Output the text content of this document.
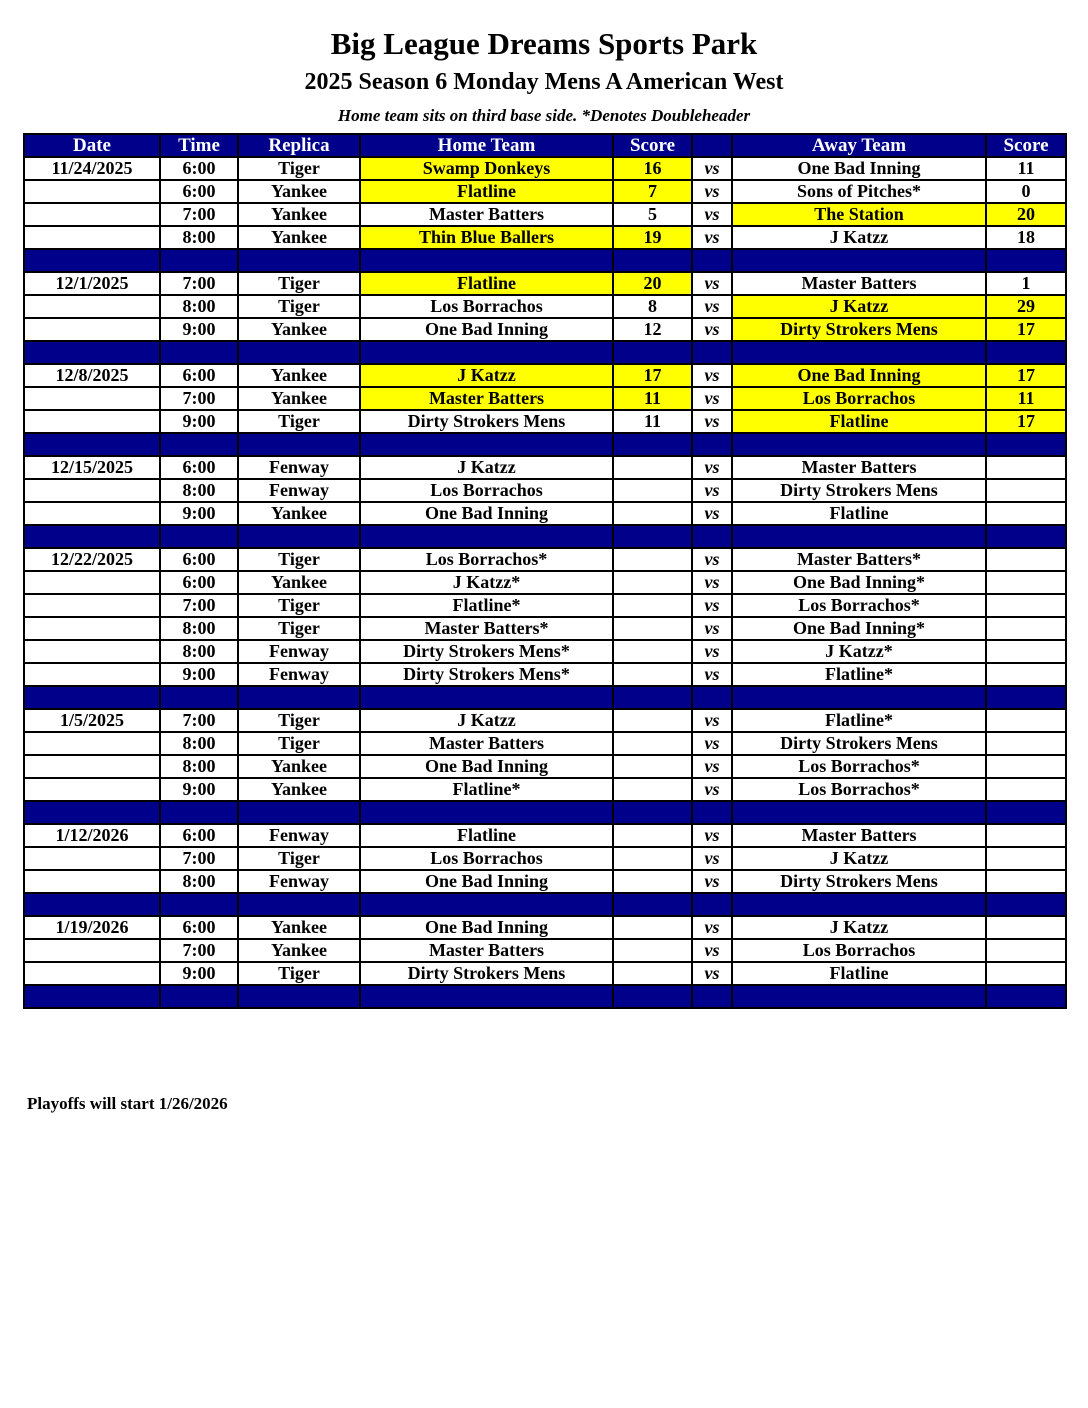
Big League Dreams Sports Park
2025 Season 6 Monday Mens A American West
Home team sits on third base side. *Denotes Doubleheader
Date	Time	Replica	Home Team	Score		Away Team	Score
11/24/2025	6:00	Tiger	Swamp Donkeys	16	vs	One Bad Inning	11
	6:00	Yankee	Flatline	7	vs	Sons of Pitches*	0
	7:00	Yankee	Master Batters	5	vs	The Station	20
	8:00	Yankee	Thin Blue Ballers	19	vs	J Katzz	18

12/1/2025	7:00	Tiger	Flatline	20	vs	Master Batters	1
	8:00	Tiger	Los Borrachos	8	vs	J Katzz	29
	9:00	Yankee	One Bad Inning	12	vs	Dirty Strokers Mens	17

12/8/2025	6:00	Yankee	J Katzz	17	vs	One Bad Inning	17
	7:00	Yankee	Master Batters	11	vs	Los Borrachos	11
	9:00	Tiger	Dirty Strokers Mens	11	vs	Flatline	17

12/15/2025	6:00	Fenway	J Katzz		vs	Master Batters	
	8:00	Fenway	Los Borrachos		vs	Dirty Strokers Mens	
	9:00	Yankee	One Bad Inning		vs	Flatline	

12/22/2025	6:00	Tiger	Los Borrachos*		vs	Master Batters*	
	6:00	Yankee	J Katzz*		vs	One Bad Inning*	
	7:00	Tiger	Flatline*		vs	Los Borrachos*	
	8:00	Tiger	Master Batters*		vs	One Bad Inning*	
	8:00	Fenway	Dirty Strokers Mens*		vs	J Katzz*	
	9:00	Fenway	Dirty Strokers Mens*		vs	Flatline*	

1/5/2025	7:00	Tiger	J Katzz		vs	Flatline*	
	8:00	Tiger	Master Batters		vs	Dirty Strokers Mens	
	8:00	Yankee	One Bad Inning		vs	Los Borrachos*	
	9:00	Yankee	Flatline*		vs	Los Borrachos*	

1/12/2026	6:00	Fenway	Flatline		vs	Master Batters	
	7:00	Tiger	Los Borrachos		vs	J Katzz	
	8:00	Fenway	One Bad Inning		vs	Dirty Strokers Mens	

1/19/2026	6:00	Yankee	One Bad Inning		vs	J Katzz	
	7:00	Yankee	Master Batters		vs	Los Borrachos	
	9:00	Tiger	Dirty Strokers Mens		vs	Flatline	

Playoffs will start 1/26/2026
